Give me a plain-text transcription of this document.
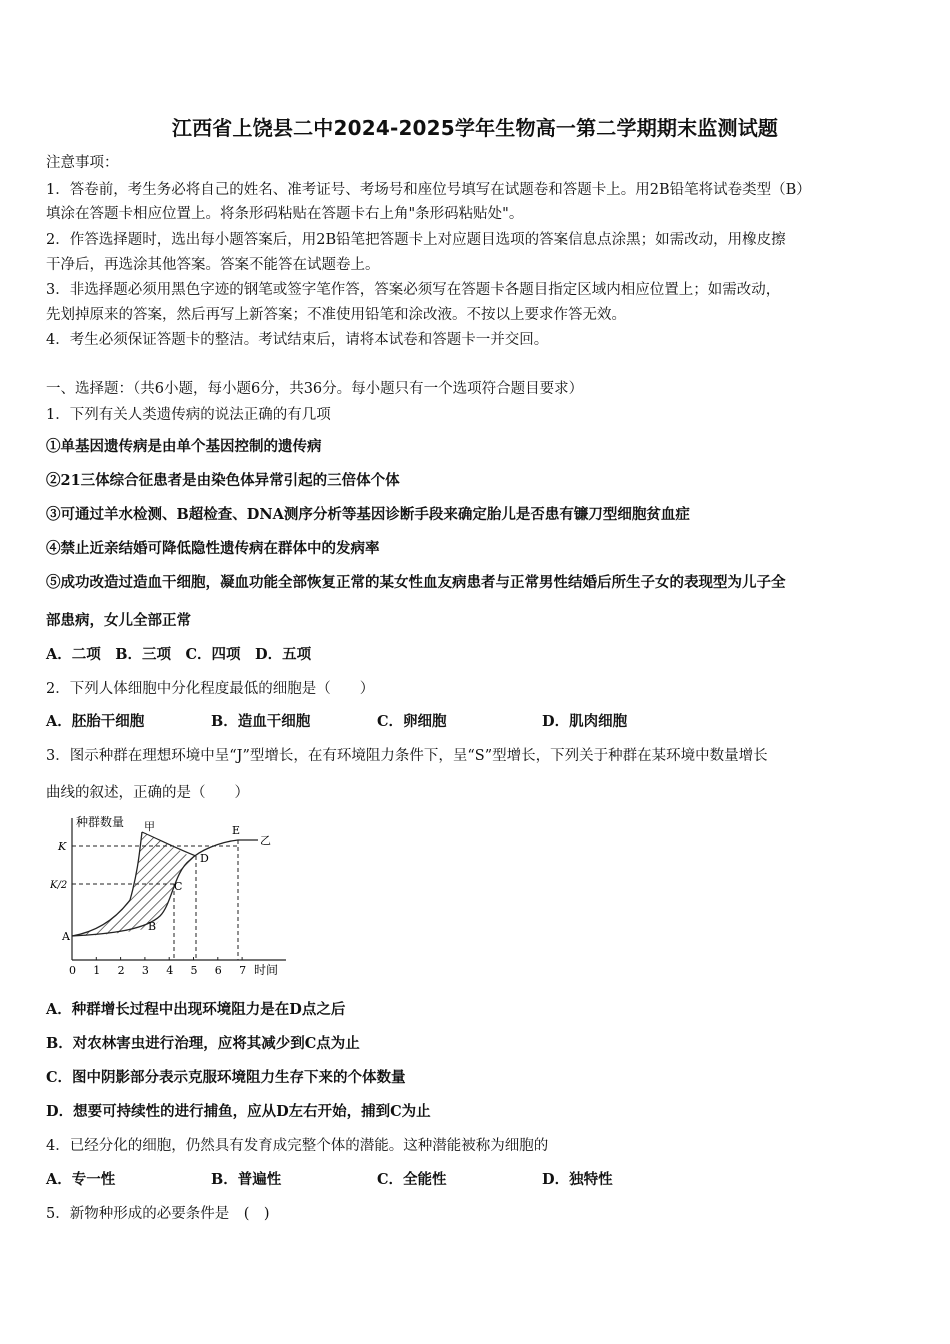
江西省上饶县二中2024-2025学年生物高一第二学期期末监测试题
注意事项：
1．答卷前，考生务必将自己的姓名、准考证号、考场号和座位号填写在试题卷和答题卡上。用2B铅笔将试卷类型（B）
填涂在答题卡相应位置上。将条形码粘贴在答题卡右上角"条形码粘贴处"。
2．作答选择题时，选出每小题答案后，用2B铅笔把答题卡上对应题目选项的答案信息点涂黑；如需改动，用橡皮擦
干净后，再选涂其他答案。答案不能答在试题卷上。
3．非选择题必须用黑色字迹的钢笔或签字笔作答，答案必须写在答题卡各题目指定区域内相应位置上；如需改动，
先划掉原来的答案，然后再写上新答案；不准使用铅笔和涂改液。不按以上要求作答无效。
4．考生必须保证答题卡的整洁。考试结束后，请将本试卷和答题卡一并交回。
一、选择题：（共6小题，每小题6分，共36分。每小题只有一个选项符合题目要求）
1．下列有关人类遗传病的说法正确的有几项
①单基因遗传病是由单个基因控制的遗传病
②21三体综合征患者是由染色体异常引起的三倍体个体
③可通过羊水检测、B超检查、DNA测序分析等基因诊断手段来确定胎儿是否患有镰刀型细胞贫血症
④禁止近亲结婚可降低隐性遗传病在群体中的发病率
⑤成功改造过造血干细胞，凝血功能全部恢复正常的某女性血友病患者与正常男性结婚后所生子女的表现型为儿子全
部患病，女儿全部正常
A．二项　B．三项　C．四项　D．五项
2．下列人体细胞中分化程度最低的细胞是（　　）
A．胚胎干细胞	B．造血干细胞	C．卵细胞	D．肌肉细胞
3．图示种群在理想环境中呈“J”型增长，在有环境阻力条件下，呈“S”型增长，下列关于种群在某环境中数量增长
曲线的叙述，正确的是（　　）
种群数量
时间
K
K/2
0 1 2 3 4 5 6 7
A
B
C
D
E
甲
乙
A．种群增长过程中出现环境阻力是在D点之后
B．对农林害虫进行治理，应将其减少到C点为止
C．图中阴影部分表示克服环境阻力生存下来的个体数量
D．想要可持续性的进行捕鱼，应从D左右开始，捕到C为止
4．已经分化的细胞，仍然具有发育成完整个体的潜能。这种潜能被称为细胞的
A．专一性	B．普遍性	C．全能性	D．独特性
5．新物种形成的必要条件是　(　)
